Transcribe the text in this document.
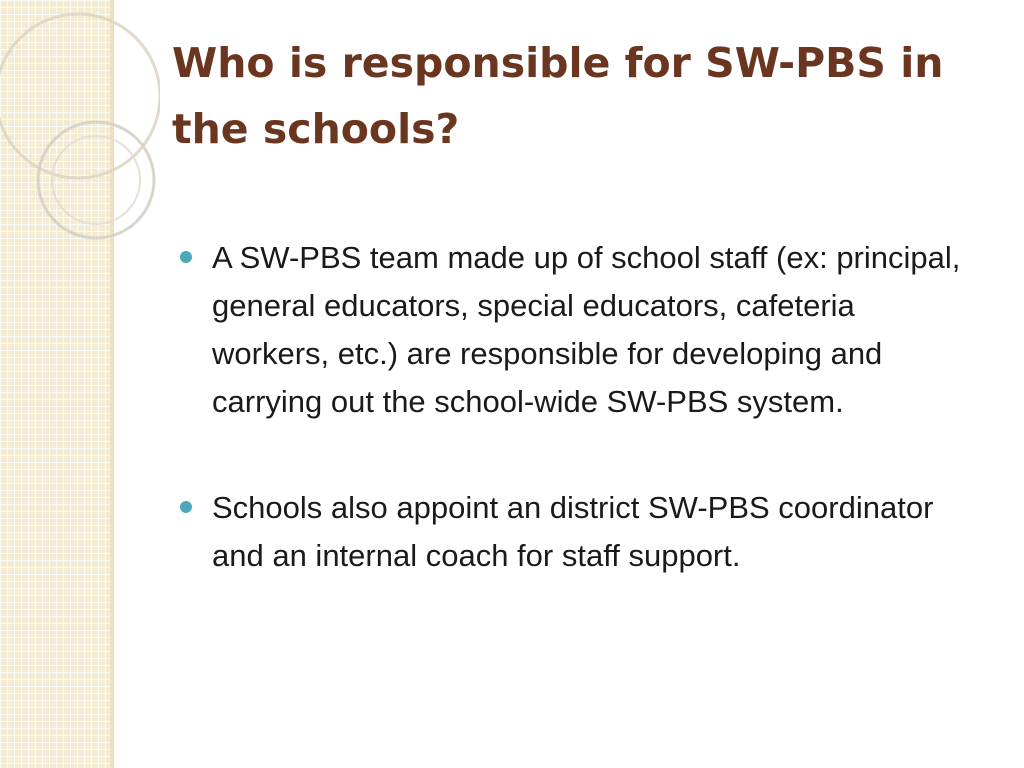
Who is responsible for SW-PBS in the schools?
A SW-PBS team made up of school staff (ex: principal, general educators, special educators, cafeteria workers, etc.) are responsible for developing and carrying out the school-wide SW-PBS system.
Schools also appoint an district SW-PBS coordinator and an internal coach for staff support.
